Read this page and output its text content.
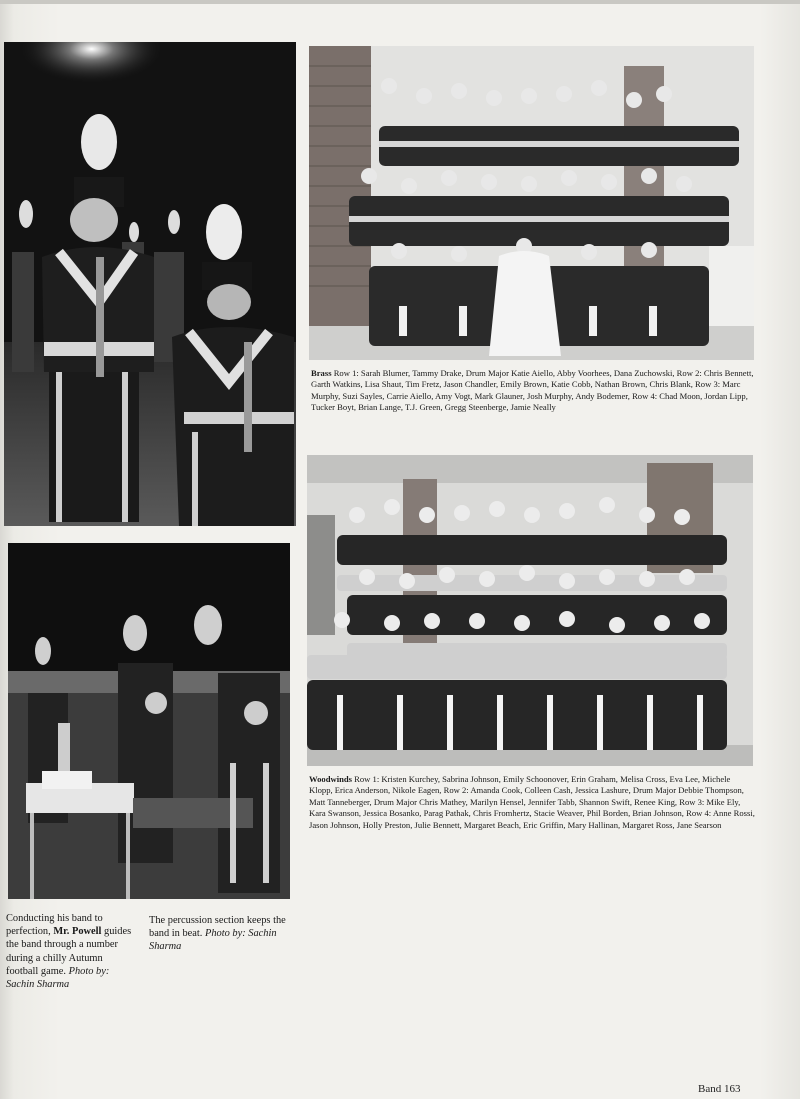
Brass Row 1: Sarah Blumer, Tammy Drake, Drum Major Katie Aiello, Abby Voorhees, Dana Zuchowski, Row 2: Chris Bennett, Garth Watkins, Lisa Shaut, Tim Fretz, Jason Chandler, Emily Brown, Katie Cobb, Nathan Brown, Chris Blank, Row 3: Marc Murphy, Suzi Sayles, Carrie Aiello, Amy Vogt, Mark Glauner, Josh Murphy, Andy Bodemer, Row 4: Chad Moon, Jordan Lipp, Tucker Boyt, Brian Lange, T.J. Green, Gregg Steenberge, Jamie Neally
Woodwinds Row 1: Kristen Kurchey, Sabrina Johnson, Emily Schoonover, Erin Graham, Melisa Cross, Eva Lee, Michele Klopp, Erica Anderson, Nikole Eagen, Row 2: Amanda Cook, Colleen Cash, Jessica Lashure, Drum Major Debbie Thompson, Matt Tanneberger, Drum Major Chris Mathey, Marilyn Hensel, Jennifer Tabb, Shannon Swift, Renee King, Row 3: Mike Ely, Kara Swanson, Jessica Bosanko, Parag Pathak, Chris Fromhertz, Stacie Weaver, Phil Borden, Brian Johnson, Row 4: Anne Rossi, Jason Johnson, Holly Preston, Julie Bennett, Margaret Beach, Eric Griffin, Mary Hallinan, Margaret Ross, Jane Searson
Conducting his band to perfection, Mr. Powell guides the band through a number during a chilly Autumn football game. Photo by: Sachin Sharma
The percussion section keeps the band in beat. Photo by: Sachin Sharma
Band 163
